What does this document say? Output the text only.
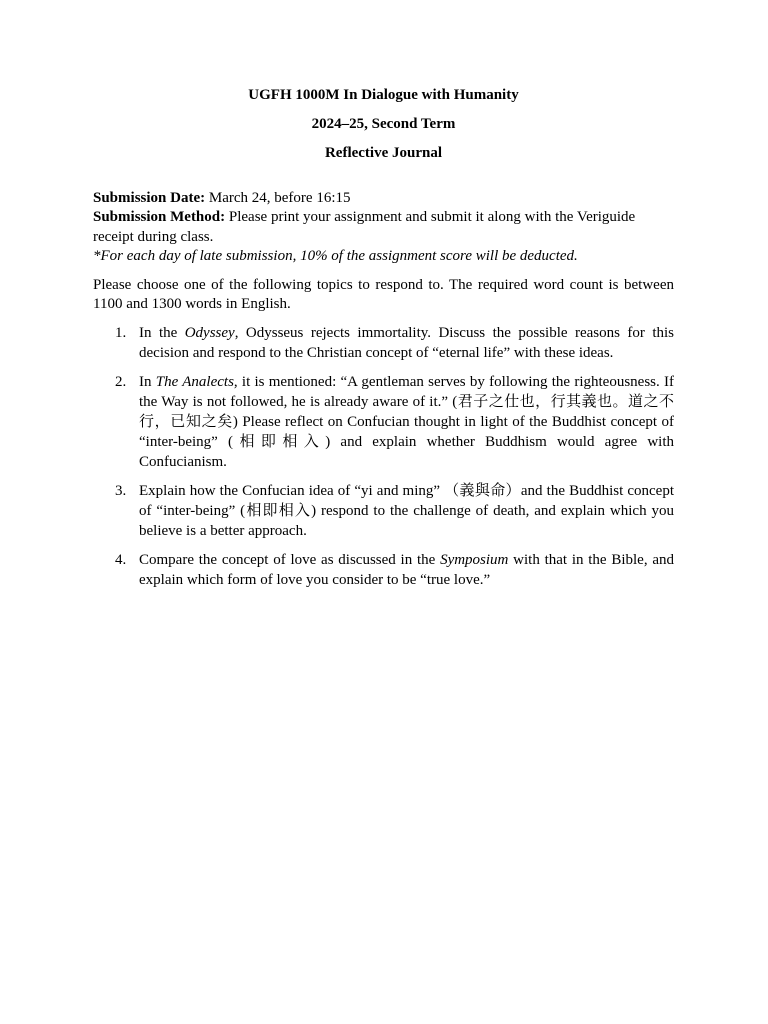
UGFH 1000M In Dialogue with Humanity
2024–25, Second Term
Reflective Journal

Submission Date: March 24, before 16:15

Submission Method: Please print your assignment and submit it along with the Veriguide receipt during class.

*For each day of late submission, 10% of the assignment score will be deducted.

Please choose one of the following topics to respond to. The required word count is between 1100 and 1300 words in English.

1. In the Odyssey, Odysseus rejects immortality. Discuss the possible reasons for this decision and respond to the Christian concept of “eternal life” with these ideas.
2. In The Analects, it is mentioned: “A gentleman serves by following the righteousness. If the Way is not followed, he is already aware of it.” (君子之仕也，行其義也。道之不行，已知之矣) Please reflect on Confucian thought in light of the Buddhist concept of “inter-being” (相即相入) and explain whether Buddhism would agree with Confucianism.
3. Explain how the Confucian idea of “yi and ming” （義與命）and the Buddhist concept of “inter-being” (相即相入) respond to the challenge of death, and explain which you believe is a better approach.
4. Compare the concept of love as discussed in the Symposium with that in the Bible, and explain which form of love you consider to be “true love.”
